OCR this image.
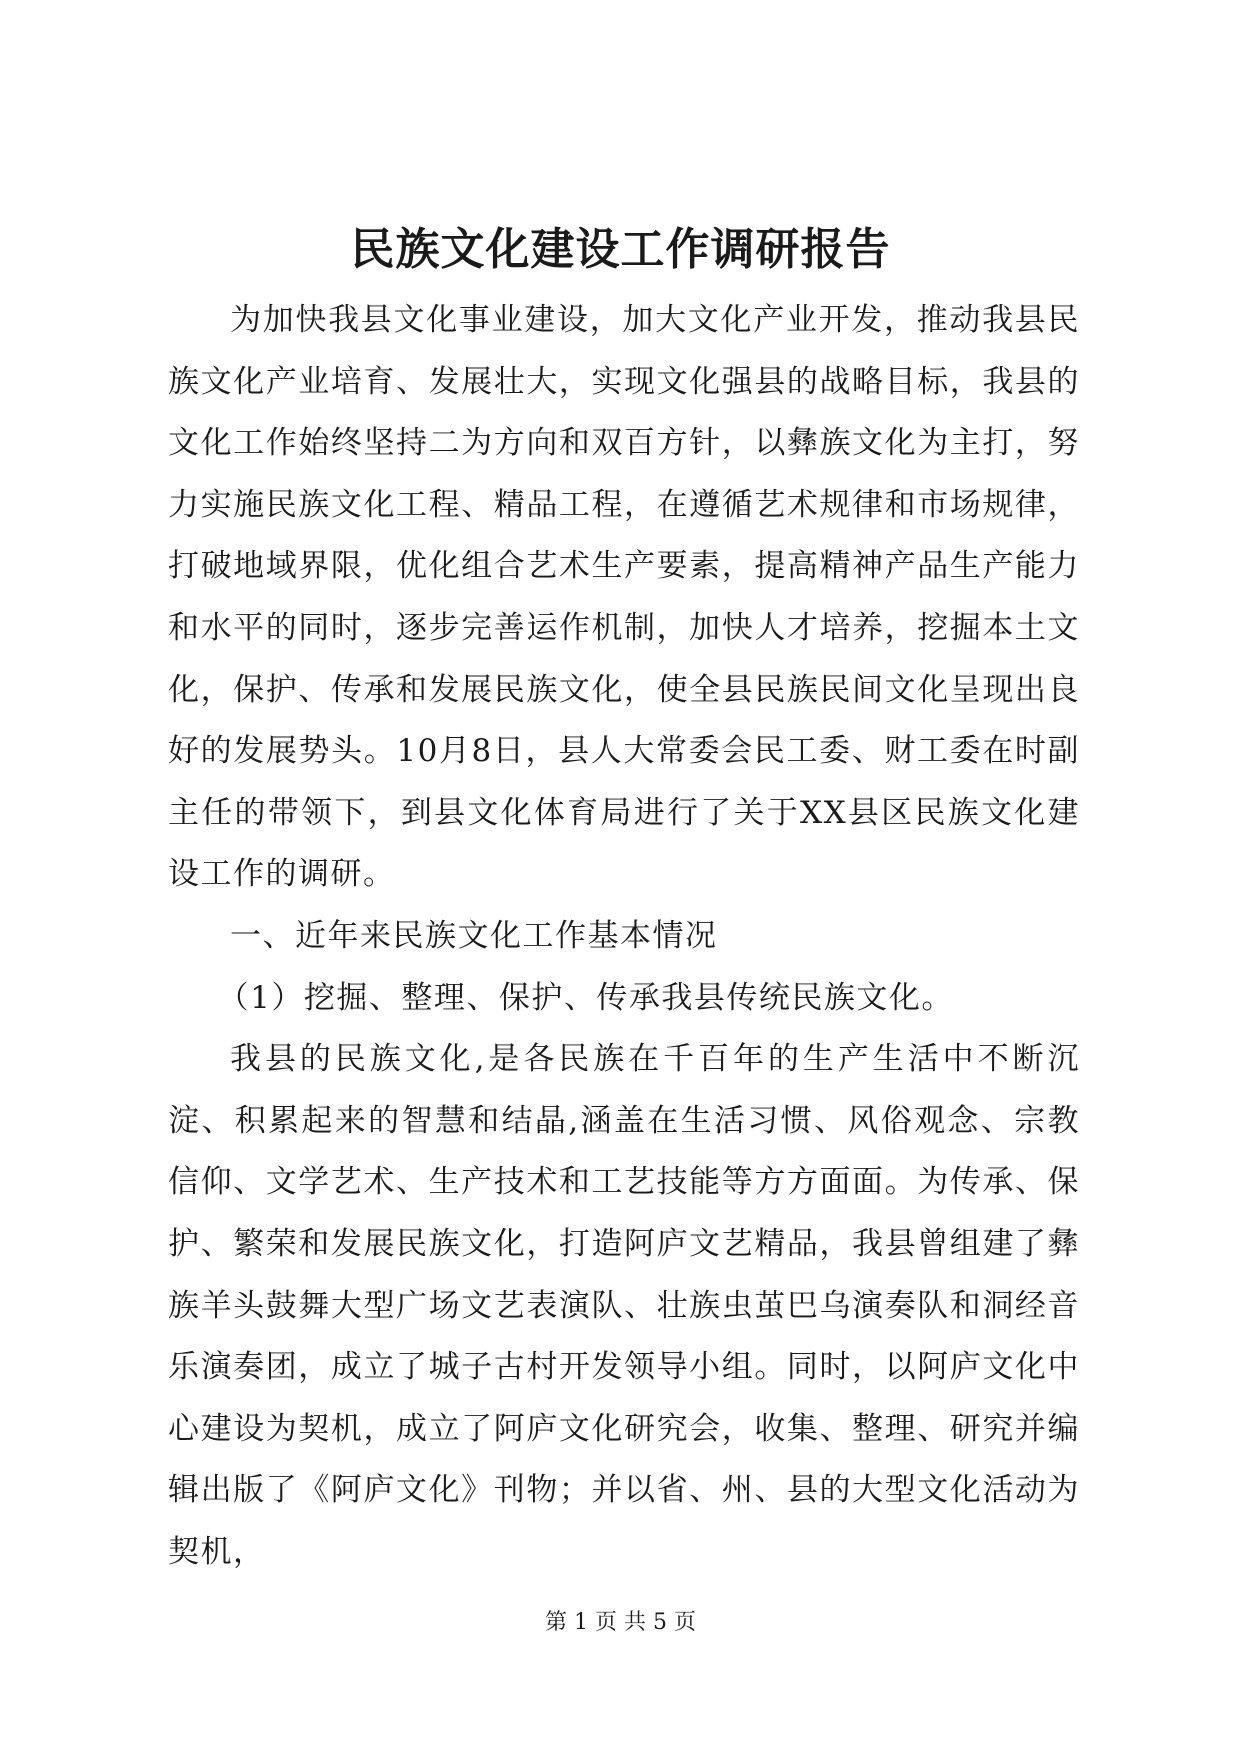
民族文化建设工作调研报告

为加快我县文化事业建设，加大文化产业开发，推动我县民族文化产业培育、发展壮大，实现文化强县的战略目标，我县的文化工作始终坚持二为方向和双百方针，以彝族文化为主打，努力实施民族文化工程、精品工程，在遵循艺术规律和市场规律，打破地域界限，优化组合艺术生产要素，提高精神产品生产能力和水平的同时，逐步完善运作机制，加快人才培养，挖掘本土文化，保护、传承和发展民族文化，使全县民族民间文化呈现出良好的发展势头。10月8日，县人大常委会民工委、财工委在时副主任的带领下，到县文化体育局进行了关于XX县区民族文化建设工作的调研。

一、近年来民族文化工作基本情况

（1）挖掘、整理、保护、传承我县传统民族文化。

我县的民族文化,是各民族在千百年的生产生活中不断沉淀、积累起来的智慧和结晶,涵盖在生活习惯、风俗观念、宗教信仰、文学艺术、生产技术和工艺技能等方方面面。为传承、保护、繁荣和发展民族文化，打造阿庐文艺精品，我县曾组建了彝族羊头鼓舞大型广场文艺表演队、壮族虫茧巴乌演奏队和洞经音乐演奏团，成立了城子古村开发领导小组。同时，以阿庐文化中心建设为契机，成立了阿庐文化研究会，收集、整理、研究并编辑出版了《阿庐文化》刊物；并以省、州、县的大型文化活动为契机，

第 1 页 共 5 页
